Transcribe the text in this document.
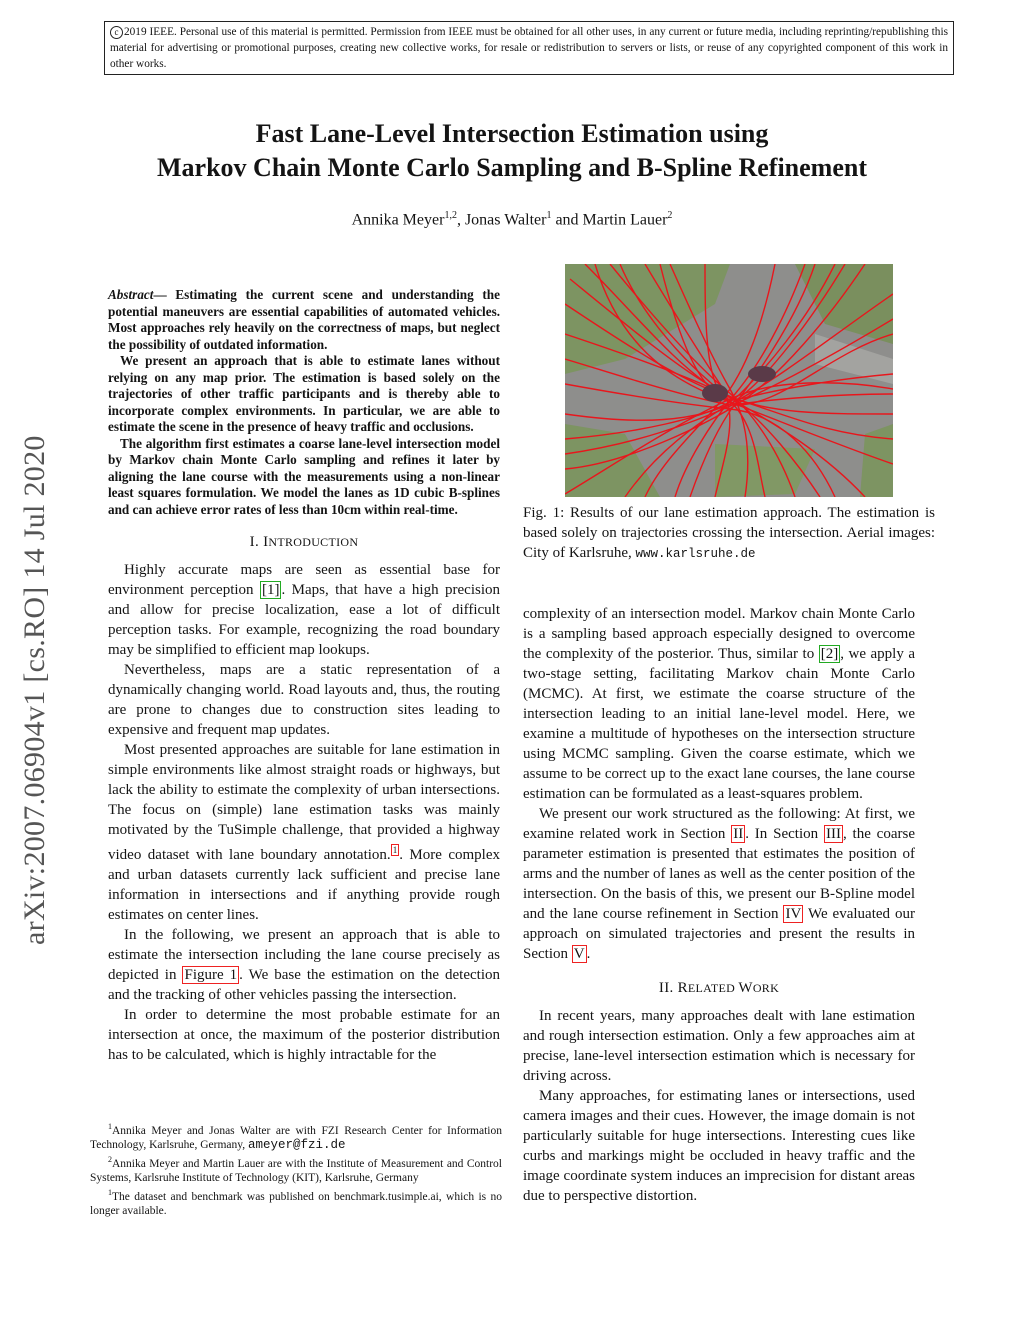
c 2019 IEEE. Personal use of this material is permitted. Permission from IEEE must be obtained for all other uses, in any current or future media, including reprinting/republishing this material for advertising or promotional purposes, creating new collective works, for resale or redistribution to servers or lists, or reuse of any copyrighted component of this work in other works.
Fast Lane-Level Intersection Estimation using
Markov Chain Monte Carlo Sampling and B-Spline Refinement
Annika Meyer$^{1,2}$, Jonas Walter$^1$ and Martin Lauer$^2$
arXiv:2007.06904v1 [cs.RO] 14 Jul 2020

Abstract— Estimating the current scene and understanding the potential maneuvers are essential capabilities of automated vehicles. Most approaches rely heavily on the correctness of maps, but neglect the possibility of outdated information.

We present an approach that is able to estimate lanes without relying on any map prior. The estimation is based solely on the trajectories of other traffic participants and is thereby able to incorporate complex environments. In particular, we are able to estimate the scene in the presence of heavy traffic and occlusions.

The algorithm first estimates a coarse lane-level intersection model by Markov chain Monte Carlo sampling and refines it later by aligning the lane course with the measurements using a non-linear least squares formulation. We model the lanes as 1D cubic B-splines and can achieve error rates of less than 10cm within real-time.

I. INTRODUCTION

Highly accurate maps are seen as essential base for environment perception [1] . Maps, that have a high precision and allow for precise localization, ease a lot of difficult perception tasks. For example, recognizing the road boundary may be simplified to efficient map lookups.

Nevertheless, maps are a static representation of a dynamically changing world. Road layouts and, thus, the routing are prone to changes due to construction sites leading to expensive and frequent map updates.

Most presented approaches are suitable for lane estimation in simple environments like almost straight roads or highways, but lack the ability to estimate the complexity of urban intersections. The focus on (simple) lane estimation tasks was mainly motivated by the TuSimple challenge, that provided a highway video dataset with lane boundary annotation. $^1$ . More complex and urban datasets currently lack sufficient and precise lane information in intersections and if anything provide rough estimates on center lines.

In the following, we present an approach that is able to estimate the intersection including the lane course precisely as depicted in Figure 1 . We base the estimation on the detection and the tracking of other vehicles passing the intersection.

In order to determine the most probable estimate for an intersection at once, the maximum of the posterior distribution has to be calculated, which is highly intractable for the

$^1$Annika Meyer and Jonas Walter are with FZI Research Center for Information Technology, Karlsruhe, Germany, ameyer@fzi.de

$^2$Annika Meyer and Martin Lauer are with the Institute of Measurement and Control Systems, Karlsruhe Institute of Technology (KIT), Karlsruhe, Germany

$^1$The dataset and benchmark was published on benchmark.tusimple.ai, which is no longer available.

Fig. 1: Results of our lane estimation approach. The estimation is based solely on trajectories crossing the intersection. Aerial images: City of Karlsruhe, www.karlsruhe.de

complexity of an intersection model. Markov chain Monte Carlo is a sampling based approach especially designed to overcome the complexity of the posterior. Thus, similar to [2] , we apply a two-stage setting, facilitating Markov chain Monte Carlo (MCMC). At first, we estimate the coarse structure of the intersection leading to an initial lane-level model. Here, we examine a multitude of hypotheses on the intersection structure using MCMC sampling. Given the coarse estimate, which we assume to be correct up to the exact lane courses, the lane course estimation can be formulated as a least-squares problem.

We present our work structured as the following: At first, we examine related work in Section II . In Section III , the coarse parameter estimation is presented that estimates the position of arms and the number of lanes as well as the center position of the intersection. On the basis of this, we present our B-Spline model and the lane course refinement in Section IV We evaluated our approach on simulated trajectories and present the results in Section V .

II. RELATED WORK

In recent years, many approaches dealt with lane estimation and rough intersection estimation. Only a few approaches aim at precise, lane-level intersection estimation which is necessary for driving across.

Many approaches, for estimating lanes or intersections, used camera images and their cues. However, the image domain is not particularly suitable for huge intersections. Interesting cues like curbs and markings might be occluded in heavy traffic and the image coordinate system induces an imprecision for distant areas due to perspective distortion.
